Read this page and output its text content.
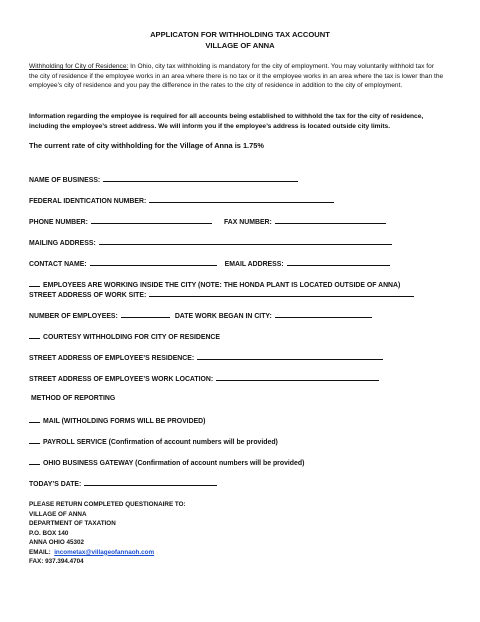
APPLICATON FOR WITHHOLDING TAX ACCOUNT
VILLAGE OF ANNA
Withholding for City of Residence: In Ohio, city tax withholding is mandatory for the city of employment. You may voluntarily withhold tax for the city of residence if the employee works in an area where there is no tax or it the employee works in an area where the tax is lower than the employee’s city of residence and you pay the difference in the rates to the city of residence in addition to the city of employment.
Information regarding the employee is required for all accounts being established to withhold the tax for the city of residence, including the employee’s street address. We will inform you if the employee’s address is located outside city limits.
The current rate of city withholding for the Village of Anna is 1.75%
NAME OF BUSINESS:
FEDERAL IDENTICATION NUMBER:
PHONE NUMBER:	FAX NUMBER:
MAILING ADDRESS:
CONTACT NAME:	EMAIL ADDRESS:
EMPLOYEES ARE WORKING INSIDE THE CITY (NOTE: THE HONDA PLANT IS LOCATED OUTSIDE OF ANNA)
STREET ADDRESS OF WORK SITE:
NUMBER OF EMPLOYEES:	DATE WORK BEGAN IN CITY:
COURTESY WITHHOLDING FOR CITY OF RESIDENCE
STREET ADDRESS OF EMPLOYEE’S RESIDENCE:
STREET ADDRESS OF EMPLOYEE’S WORK LOCATION:
METHOD OF REPORTING
MAIL (WITHOLDING FORMS WILL BE PROVIDED)
PAYROLL SERVICE (Confirmation of account numbers will be provided)
OHIO BUSINESS GATEWAY (Confirmation of account numbers will be provided)
TODAY’S DATE:
PLEASE RETURN COMPLETED QUESTIONAIRE TO:
VILLAGE OF ANNA
DEPARTMENT OF TAXATION
P.O. BOX 140
ANNA OHIO 45302
EMAIL: incometax@villageofannaoh.com
FAX: 937.394.4704
